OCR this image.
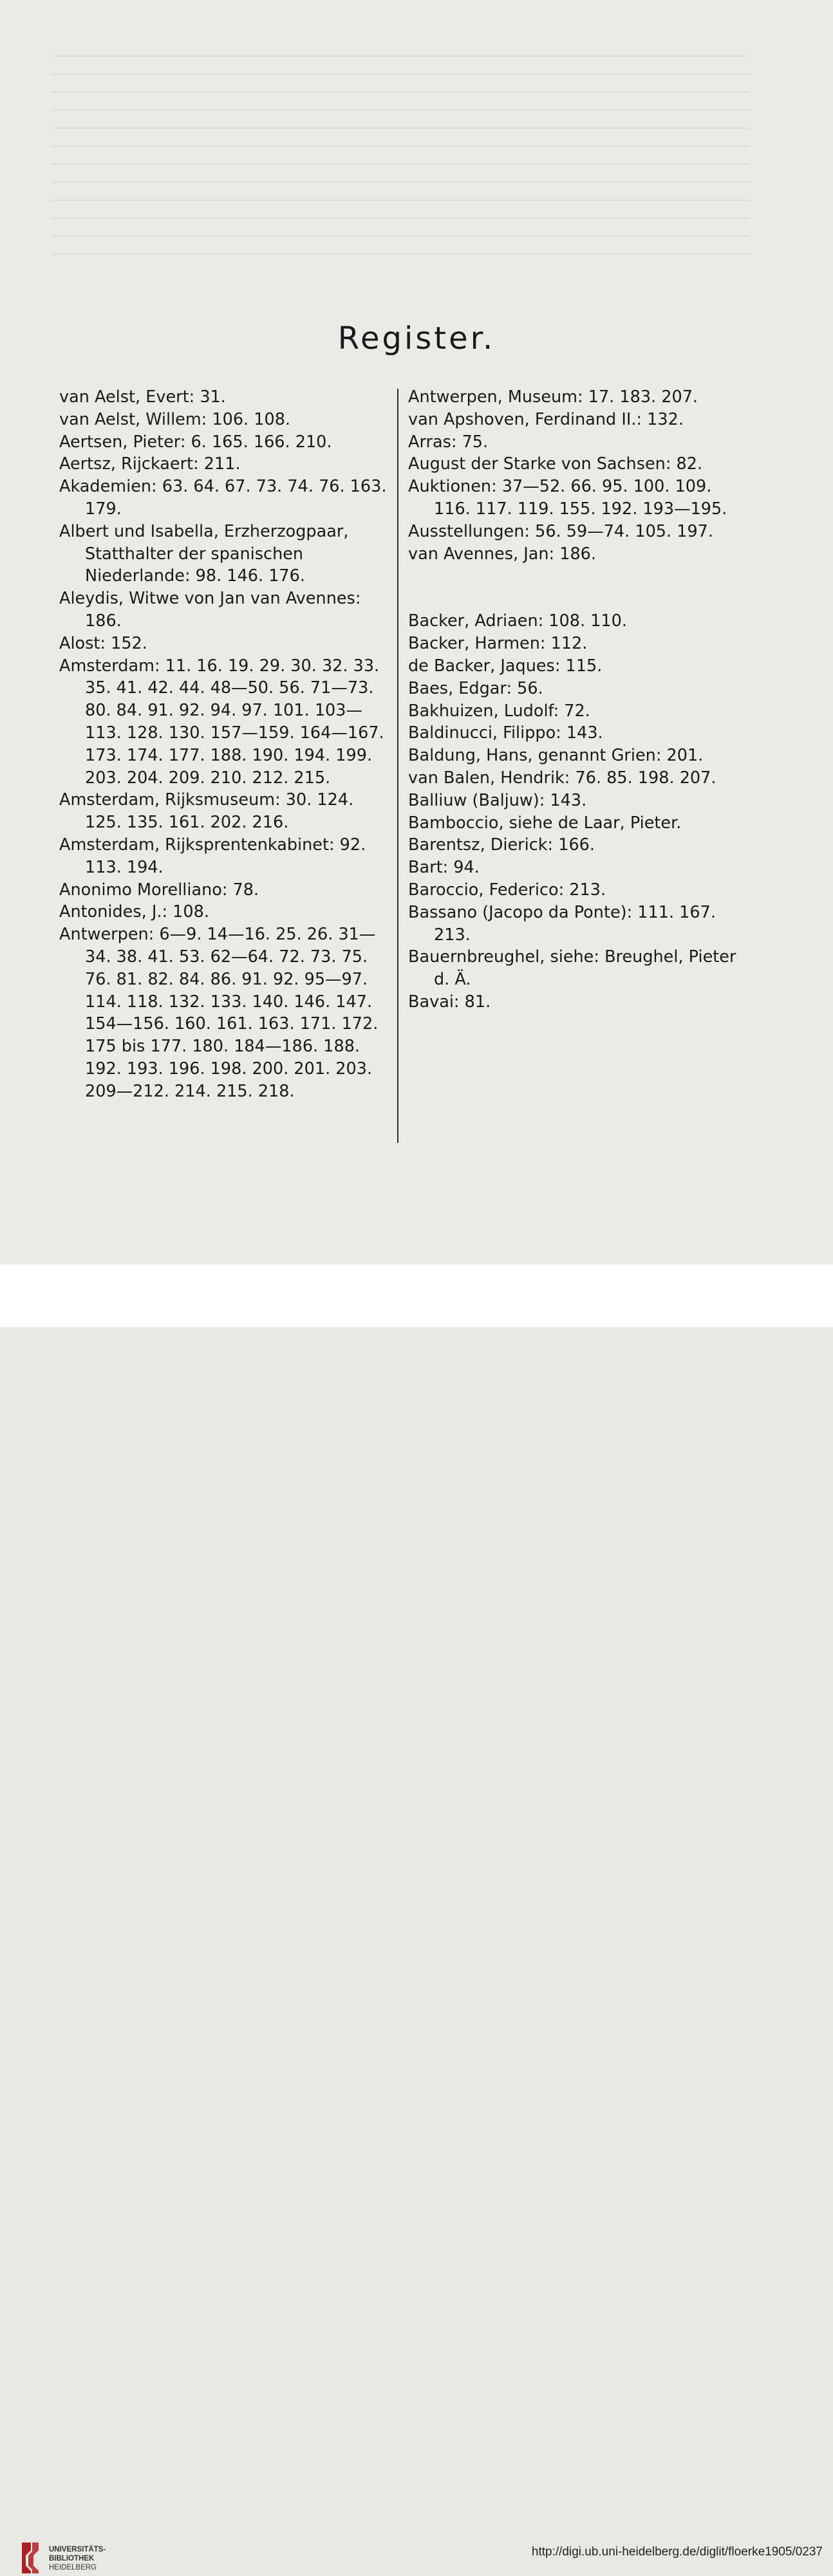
Register.

van Aelst, Evert: 31.

van Aelst, Willem: 106. 108.

Aertsen, Pieter: 6. 165. 166. 210.

Aertsz, Rijckaert: 211.

Akademien: 63. 64. 67. 73. 74. 76. 163. 179.

Albert und Isabella, Erzherzogpaar, Statthalter der spanischen Niederlande: 98. 146. 176.

Aleydis, Witwe von Jan van Avennes: 186.

Alost: 152.

Amsterdam: 11. 16. 19. 29. 30. 32. 33. 35. 41. 42. 44. 48—50. 56. 71—73. 80. 84. 91. 92. 94. 97. 101. 103—113. 128. 130. 157—159. 164—167. 173. 174. 177. 188. 190. 194. 199. 203. 204. 209. 210. 212. 215.

Amsterdam, Rijksmuseum: 30. 124. 125. 135. 161. 202. 216.

Amsterdam, Rijksprentenkabinet: 92. 113. 194.

Anonimo Morelliano: 78.

Antonides, J.: 108.

Antwerpen: 6—9. 14—16. 25. 26. 31—34. 38. 41. 53. 62—64. 72. 73. 75. 76. 81. 82. 84. 86. 91. 92. 95—97. 114. 118. 132. 133. 140. 146. 147. 154—156. 160. 161. 163. 171. 172. 175 bis 177. 180. 184—186. 188. 192. 193. 196. 198. 200. 201. 203. 209—212. 214. 215. 218.

Antwerpen, Museum: 17. 183. 207.

van Apshoven, Ferdinand II.: 132.

Arras: 75.

August der Starke von Sachsen: 82.

Auktionen: 37—52. 66. 95. 100. 109. 116. 117. 119. 155. 192. 193—195.

Ausstellungen: 56. 59—74. 105. 197.

van Avennes, Jan: 186.

Backer, Adriaen: 108. 110.

Backer, Harmen: 112.

de Backer, Jaques: 115.

Baes, Edgar: 56.

Bakhuizen, Ludolf: 72.

Baldinucci, Filippo: 143.

Baldung, Hans, genannt Grien: 201.

van Balen, Hendrik: 76. 85. 198. 207.

Balliuw (Baljuw): 143.

Bamboccio, siehe de Laar, Pieter.

Barentsz, Dierick: 166.

Bart: 94.

Baroccio, Federico: 213.

Bassano (Jacopo da Ponte): 111. 167. 213.

Bauernbreughel, siehe: Breughel, Pieter d. Ä.

Bavai: 81.

UNIVERSITÄTS-
BIBLIOTHEK
HEIDELBERG
http://digi.ub.uni-heidelberg.de/diglit/floerke1905/0237
